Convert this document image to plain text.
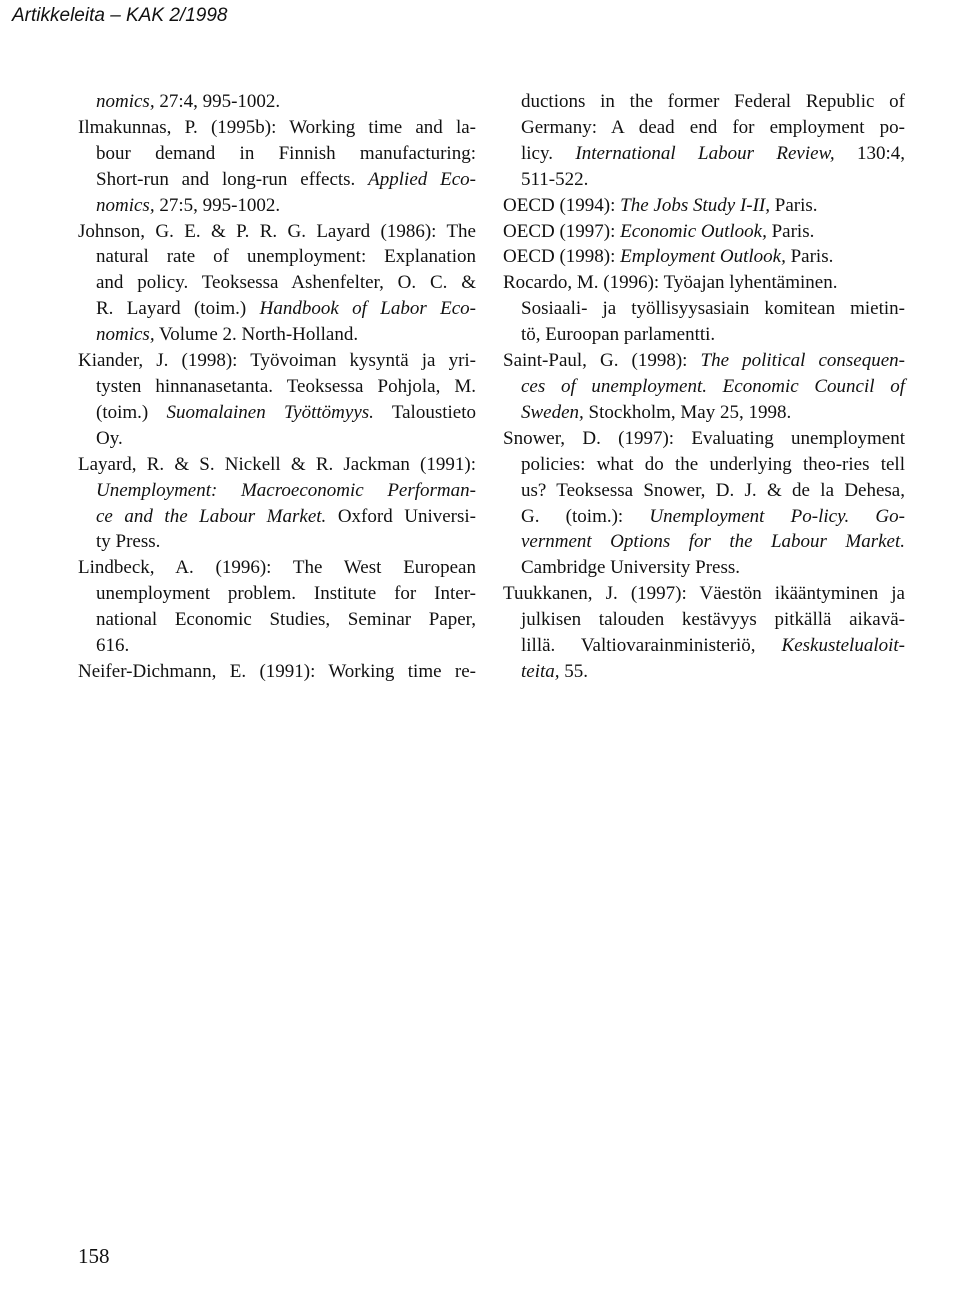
Artikkeleita – KAK 2/1998
nomics, 27:4, 995-1002.
Ilmakunnas, P. (1995b): Working time and la-
bour demand in Finnish manufacturing:
Short-run and long-run effects. Applied Eco-
nomics, 27:5, 995-1002.
Johnson, G. E. & P. R. G. Layard (1986): The
natural rate of unemployment: Explanation
and policy. Teoksessa Ashenfelter, O. C. &
R. Layard (toim.) Handbook of Labor Eco-
nomics, Volume 2. North-Holland.
Kiander, J. (1998): Työvoiman kysyntä ja yri-
tysten hinnanasetanta. Teoksessa Pohjola, M.
(toim.) Suomalainen Työttömyys. Taloustieto
Oy.
Layard, R. & S. Nickell & R. Jackman (1991):
Unemployment: Macroeconomic Performan-
ce and the Labour Market. Oxford Universi-
ty Press.
Lindbeck, A. (1996): The West European
unemployment problem. Institute for Inter-
national Economic Studies, Seminar Paper,
616.
Neifer-Dichmann, E. (1991): Working time re-
ductions in the former Federal Republic of
Germany: A dead end for employment po-
licy. International Labour Review, 130:4,
511-522.
OECD (1994): The Jobs Study I-II, Paris.
OECD (1997): Economic Outlook, Paris.
OECD (1998): Employment Outlook, Paris.
Rocardo, M. (1996): Työajan lyhentäminen.
Sosiaali- ja työllisyysasiain komitean mietin-
tö, Euroopan parlamentti.
Saint-Paul, G. (1998): The political consequen-
ces of unemployment. Economic Council of
Sweden, Stockholm, May 25, 1998.
Snower, D. (1997): Evaluating unemployment
policies: what do the underlying theo-ries tell
us? Teoksessa Snower, D. J. & de la Dehesa,
G. (toim.): Unemployment Po-licy. Go-
vernment Options for the Labour Market.
Cambridge University Press.
Tuukkanen, J. (1997): Väestön ikääntyminen ja
julkisen talouden kestävyys pitkällä aikavä-
lillä. Valtiovarainministeriö, Keskustelualoit-
teita, 55.
158
